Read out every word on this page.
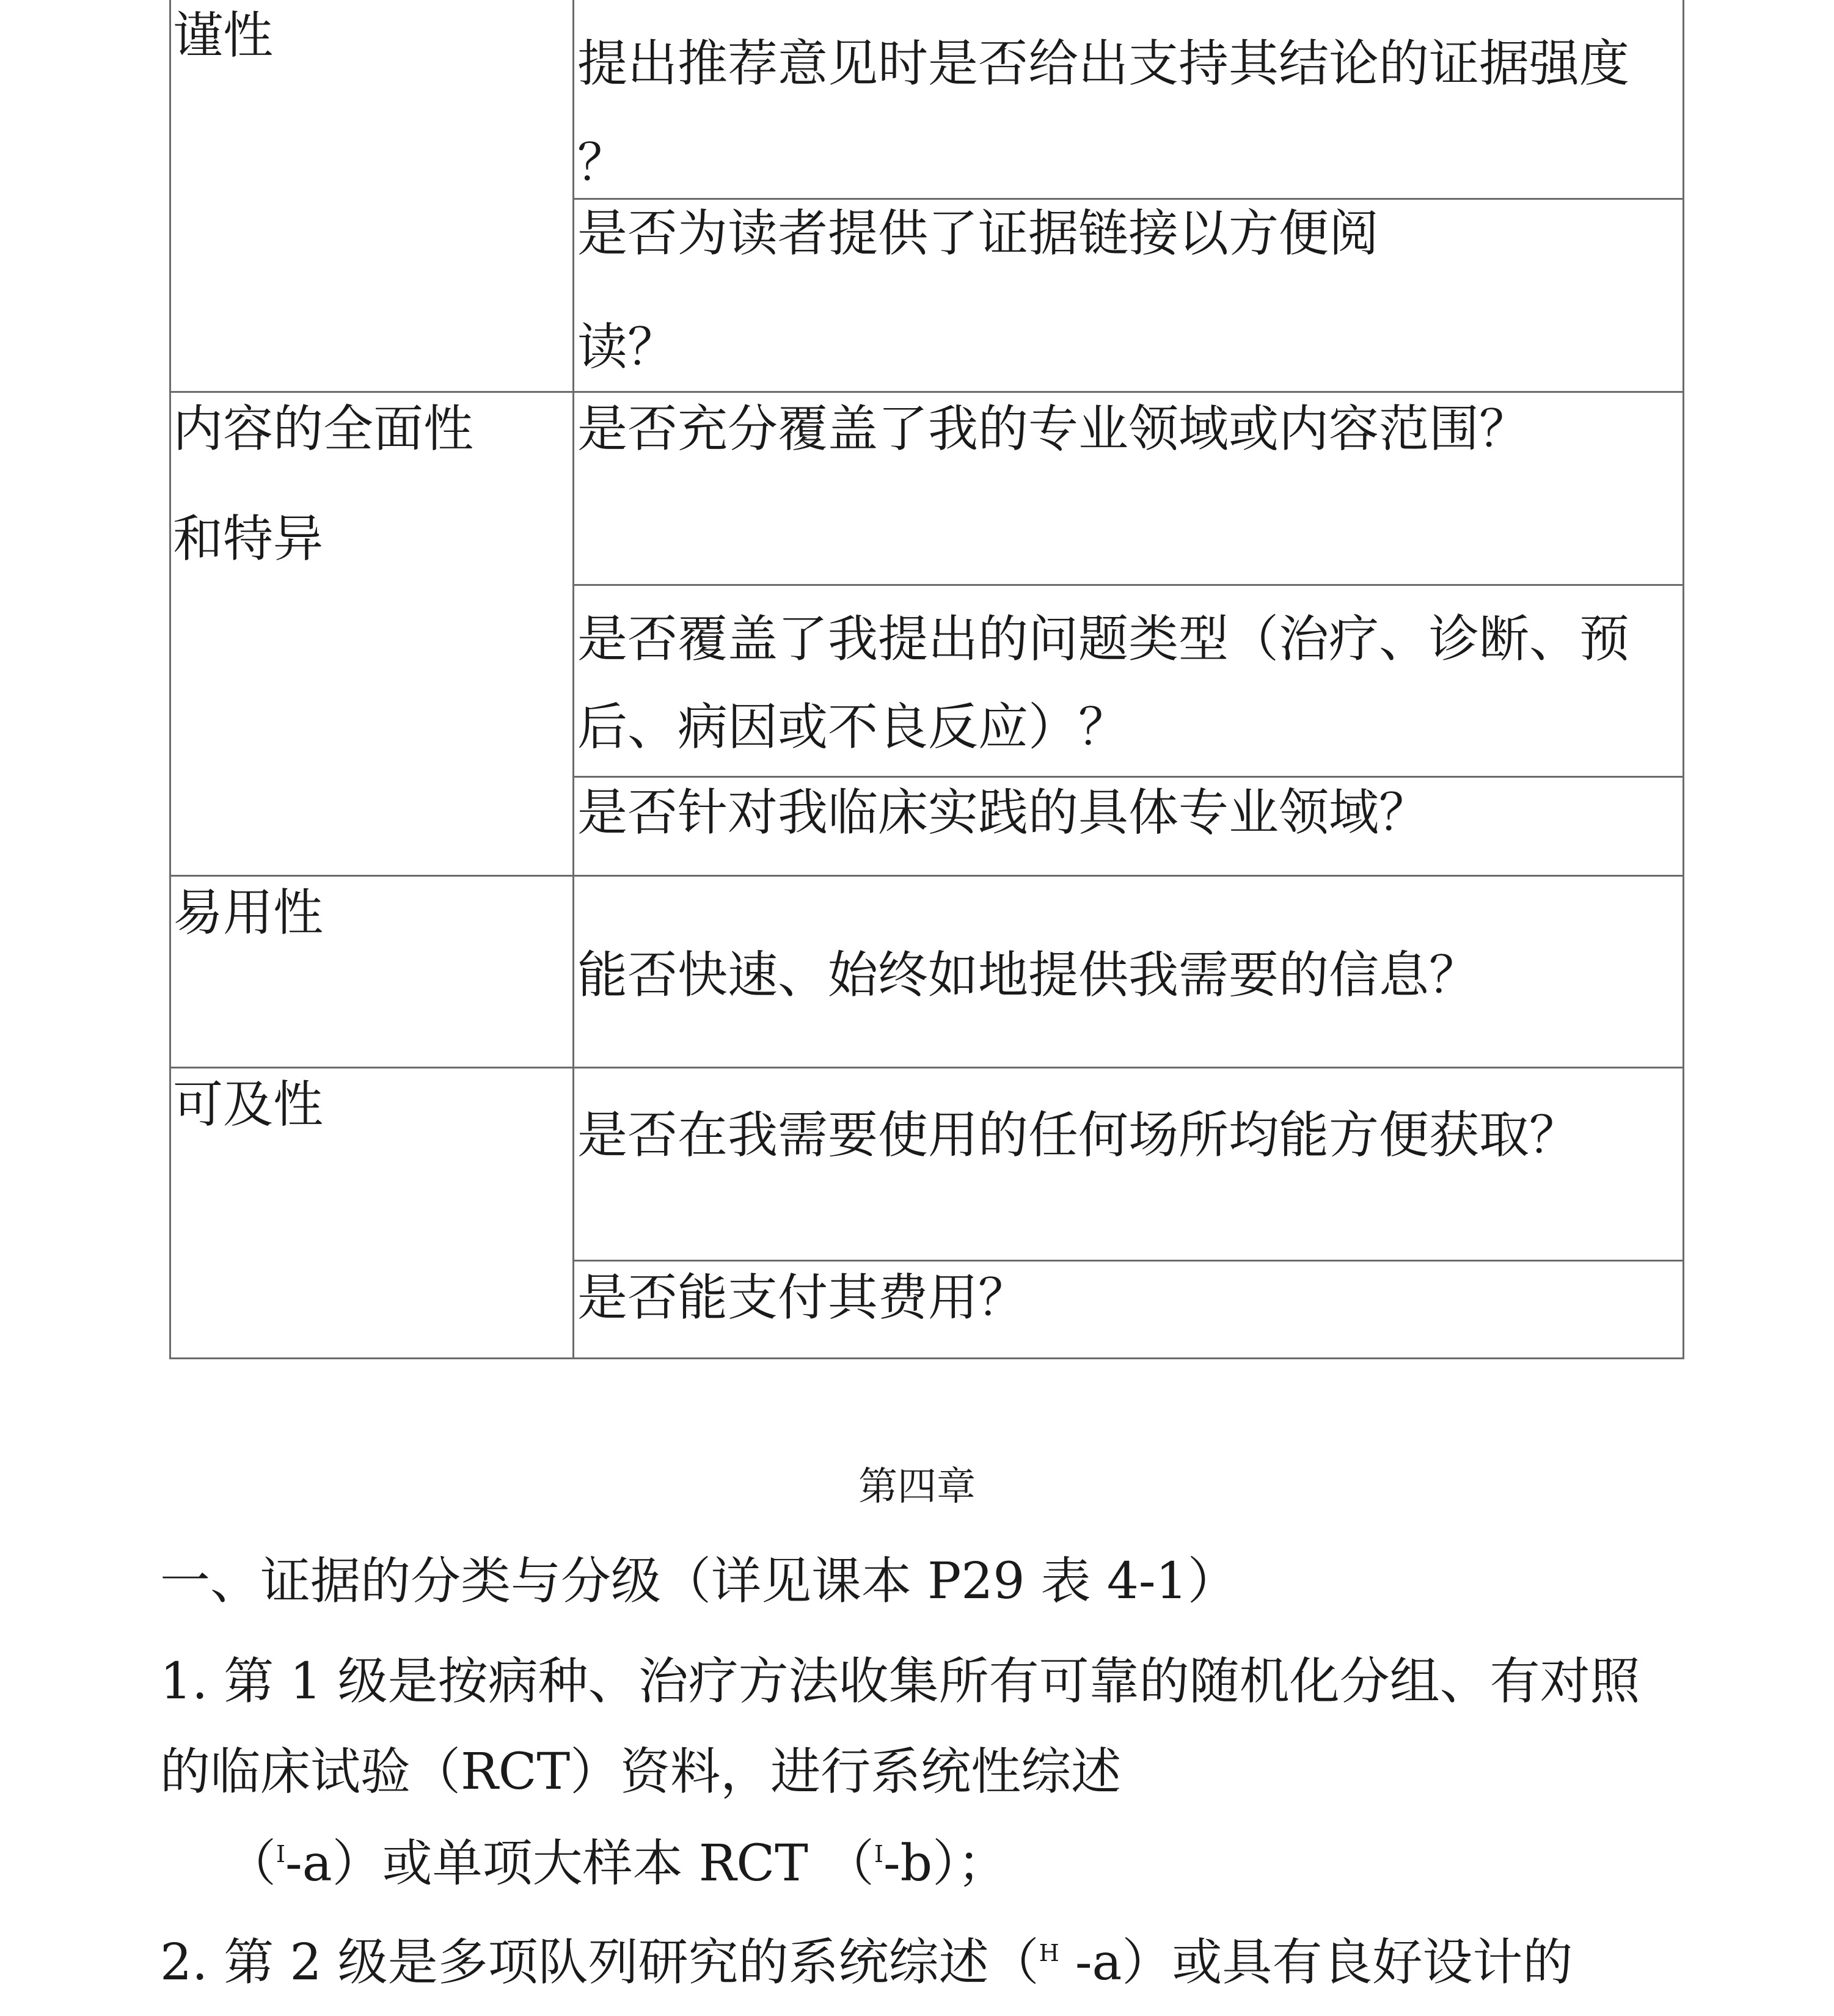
谨性	提出推荐意见时是否给出支持其结论的证据强度
？
是否为读者提供了证据链接以方便阅
读？
内容的全面性
和特异
是否充分覆盖了我的专业领域或内容范围？
是否覆盖了我提出的问题类型（治疗、诊断、预
后、病因或不良反应）？
是否针对我临床实践的具体专业领域？
易用性
能否快速、始终如地提供我需要的信息？
可及性
是否在我需要使用的任何场所均能方便获取？
是否能支付其费用？
第四章
一、证据的分类与分级（详见课本 P29 表 4-1）
1. 第 1 级是按病种、治疗方法收集所有可靠的随机化分组、有对照
的临床试验（RCT）资料，进行系统性综述
（$^I$-a）或单项大样本 RCT （$^I$-b）；
2. 第 2 级是多项队列研究的系统综述（$^H$ -a）或具有良好设计的
